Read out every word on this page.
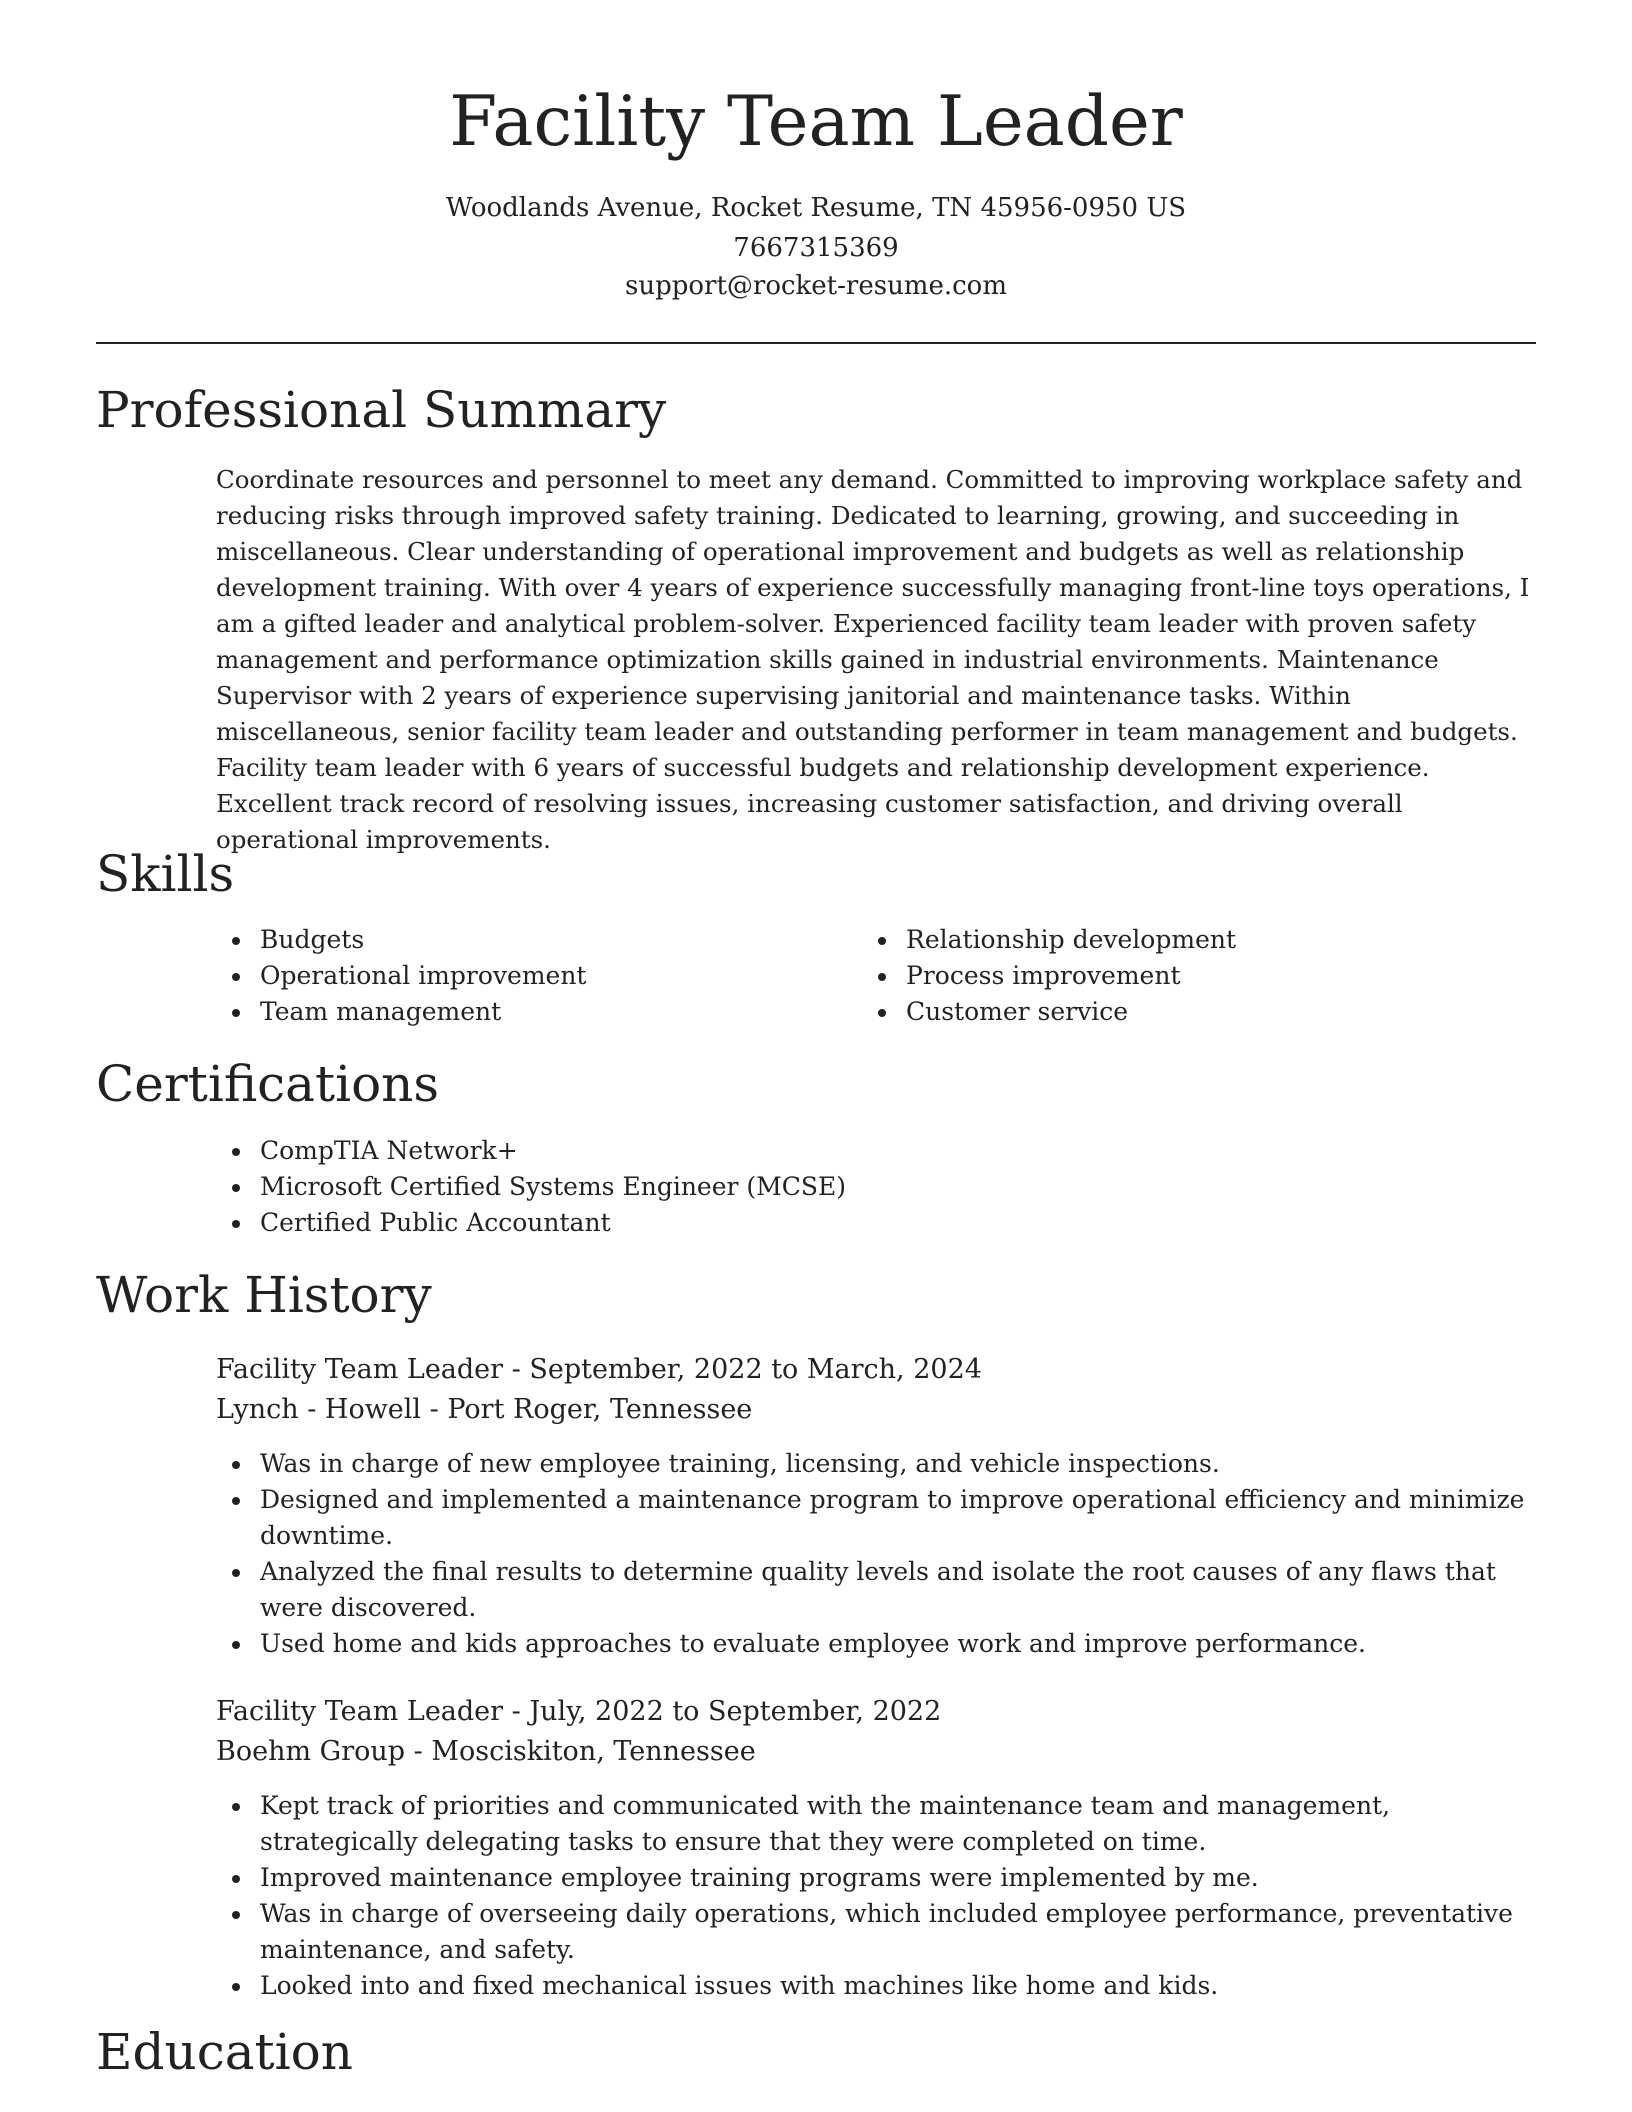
Facility Team Leader

Woodlands Avenue, Rocket Resume, TN 45956-0950 US

7667315369

support@rocket-resume.com

Professional Summary

Coordinate resources and personnel to meet any demand. Committed to improving workplace safety and reducing risks through improved safety training. Dedicated to learning, growing, and succeeding in miscellaneous. Clear understanding of operational improvement and budgets as well as relationship development training. With over 4 years of experience successfully managing front-line toys operations, I am a gifted leader and analytical problem-solver. Experienced facility team leader with proven safety management and performance optimization skills gained in industrial environments. Maintenance Supervisor with 2 years of experience supervising janitorial and maintenance tasks. Within miscellaneous, senior facility team leader and outstanding performer in team management and budgets. Facility team leader with 6 years of successful budgets and relationship development experience. Excellent track record of resolving issues, increasing customer satisfaction, and driving overall operational improvements.

Skills
Budgets
Operational improvement
Team management
Relationship development
Process improvement
Customer service
Certifications
CompTIA Network+
Microsoft Certified Systems Engineer (MCSE)
Certified Public Accountant
Work History

Facility Team Leader - September, 2022 to March, 2024

Lynch - Howell - Port Roger, Tennessee

Was in charge of new employee training, licensing, and vehicle inspections.
Designed and implemented a maintenance program to improve operational efficiency and minimize downtime.
Analyzed the final results to determine quality levels and isolate the root causes of any flaws that were discovered.
Used home and kids approaches to evaluate employee work and improve performance.

Facility Team Leader - July, 2022 to September, 2022

Boehm Group - Mosciskiton, Tennessee

Kept track of priorities and communicated with the maintenance team and management, strategically delegating tasks to ensure that they were completed on time.
Improved maintenance employee training programs were implemented by me.
Was in charge of overseeing daily operations, which included employee performance, preventative maintenance, and safety.
Looked into and fixed mechanical issues with machines like home and kids.
Education
